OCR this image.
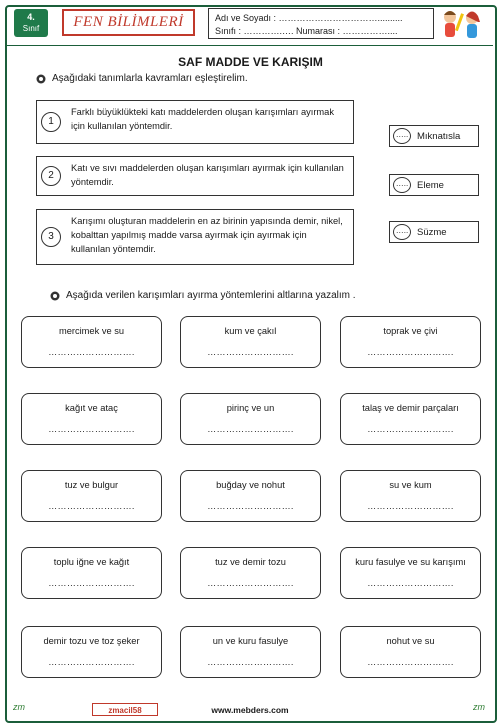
4.
Sınıf	FEN BİLİMLERİ	Adı ve Soyadı : ……………………………..........
Sınıfı : ………….…. Numarası : ……………....
SAF MADDE VE KARIŞIM
Aşağıdaki tanımlarla kavramları eşleştirelim.
1
Farklı büyüklükteki katı maddelerden oluşan karışımları ayırmak için kullanılan yöntemdir.
2
Katı ve sıvı maddelerden oluşan karışımları ayırmak için kullanılan yöntemdir.
3
Karışımı oluşturan maddelerin en az birinin yapısında demir, nikel, kobalttan yapılmış madde varsa ayırmak için ayırmak için kullanılan yöntemdir.
….. Mıknatısla
….. Eleme
….. Süzme
Aşağıda verilen karışımları ayırma yöntemlerini altlarına yazalım .
mercimek ve su
……………………….
kum ve çakıl
……………………….
toprak ve çivi
……………………….
kağıt ve ataç
……………………….
pirinç ve un
……………………….
talaş ve demir parçaları
……………………….
tuz ve bulgur
……………………….
buğday ve nohut
……………………….
su ve kum
……………………….
toplu iğne ve kağıt
……………………….
tuz ve demir tozu
……………………….
kuru fasulye ve su karışımı
……………………….
demir tozu ve toz şeker
……………………….
un ve kuru fasulye
……………………….
nohut ve su
……………………….
zm	zmacil58	www.mebders.com	zm
